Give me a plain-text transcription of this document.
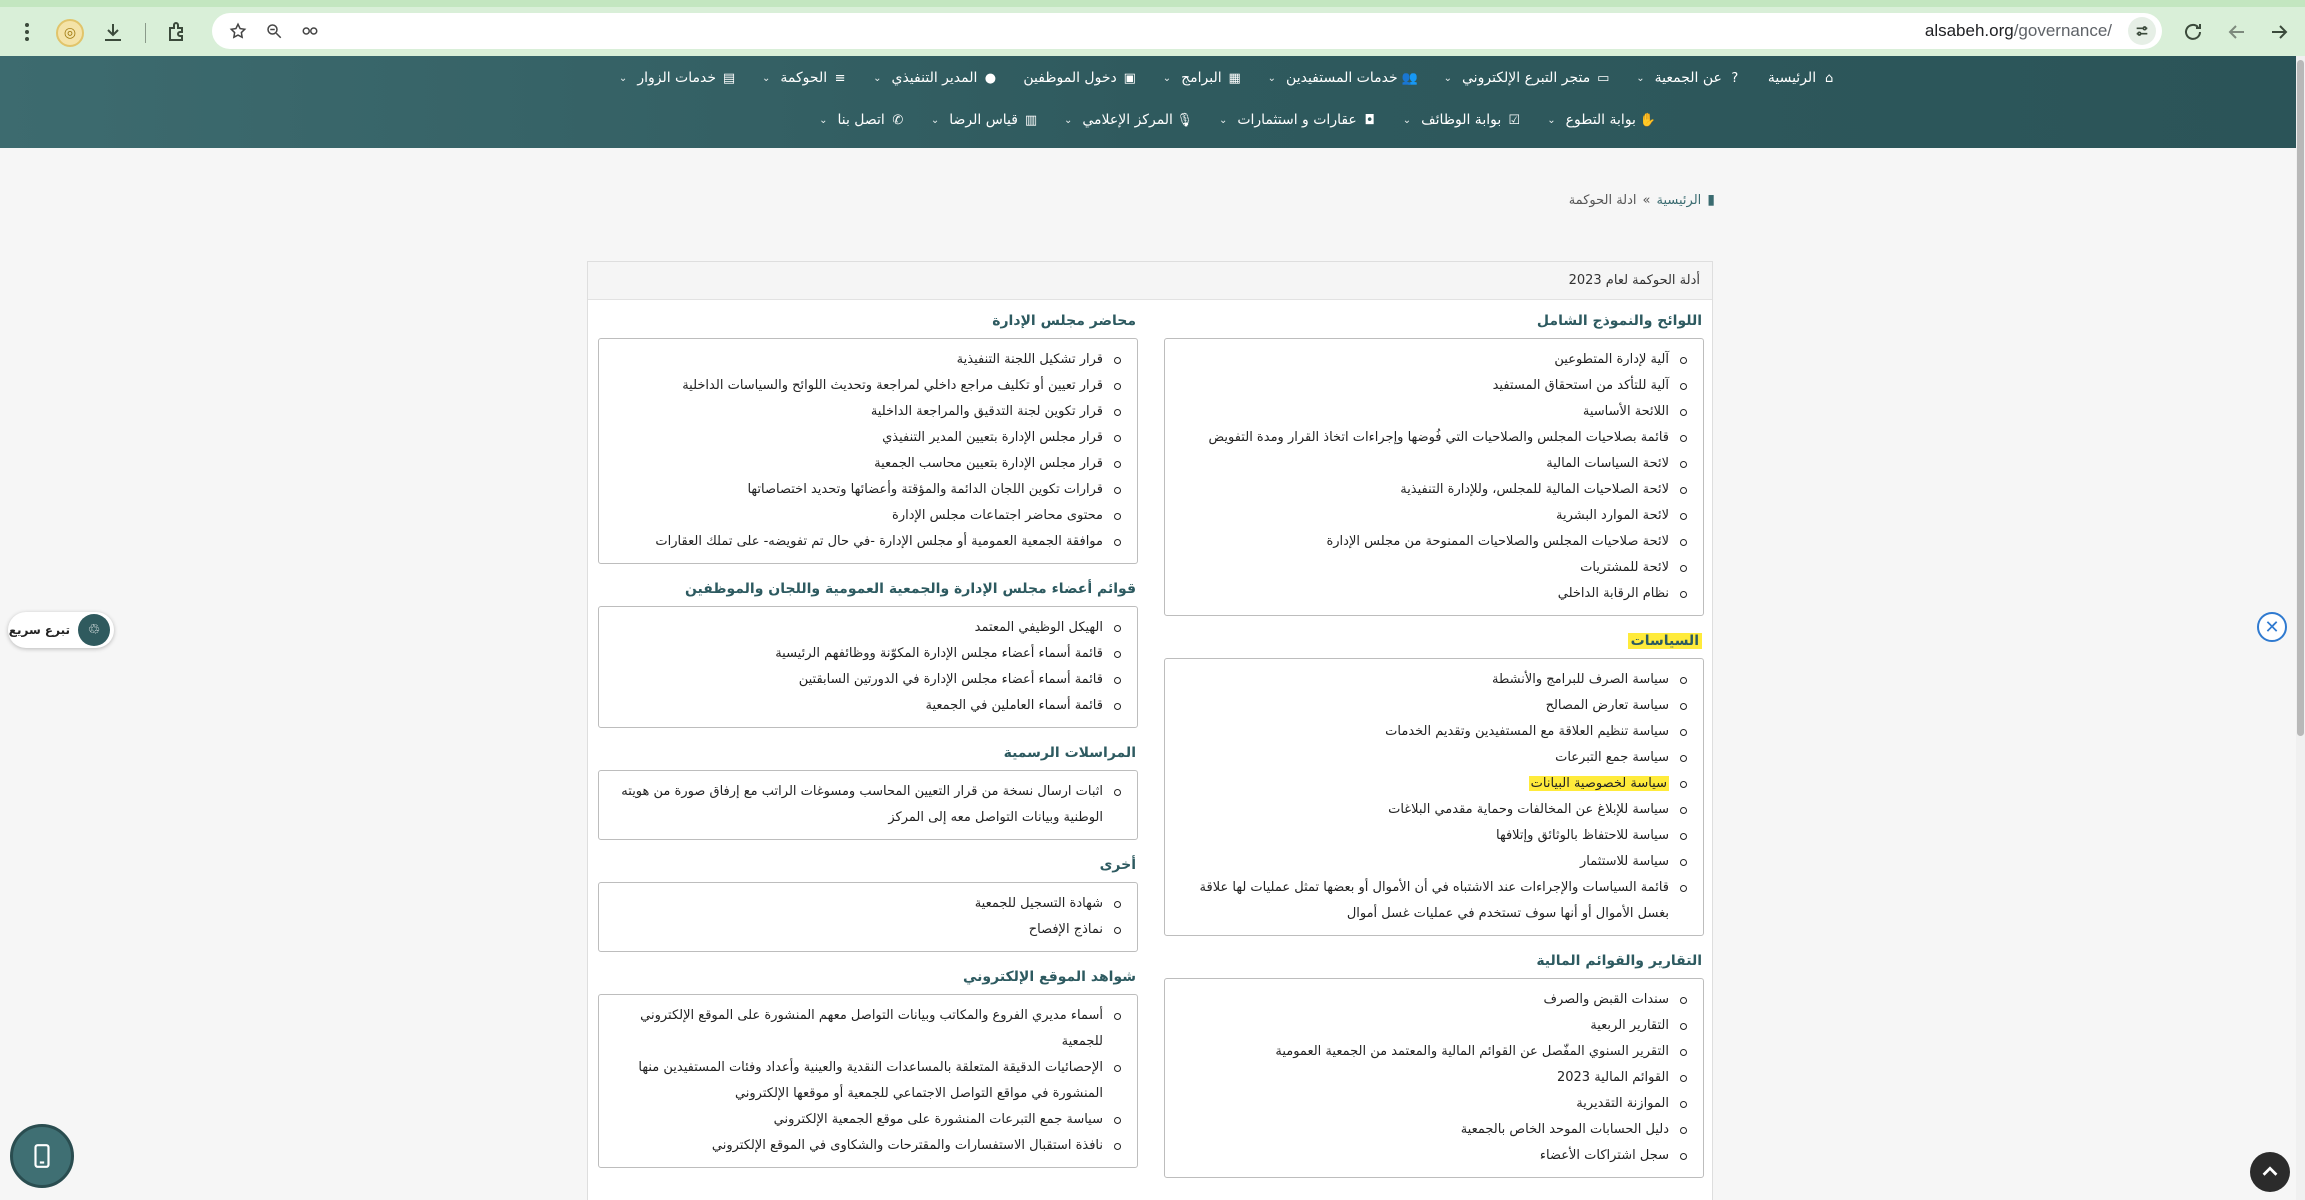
◎	alsabeh.org/governance/
⌂
الرئيسية
?
عن الجمعية
⌄
▭
متجر التبرع الإلكتروني
⌄
👥
خدمات المستفيدين
⌄
▦
البرامج
⌄
▣
دخول الموظفين
●
المدير التنفيذي
⌄
≡
الحوكمة
⌄
▤
خدمات الزوار
⌄
✋
بوابة التطوع
⌄
☑
بوابة الوظائف
⌄
◘
عقارات و استثمارات
⌄
🎙
المركز الإعلامي
⌄
▥
قياس الرضا
⌄
✆
اتصل بنا
⌄
▮
الرئيسية
»
ادلة الحوكمة
أدلة الحوكمة لعام 2023
اللوائح والنموذج الشامل
آلية لإدارة المتطوعين
آلية للتأكد من استحقاق المستفيد
اللائحة الأساسية
قائمة بصلاحيات المجلس والصلاحيات التي فُوضها وإجراءات اتخاذ القرار ومدة التفويض
لائحة السياسات المالية
لائحة الصلاحيات المالية للمجلس، وللإدارة التنفيذية
لائحة الموارد البشرية
لائحة صلاحيات المجلس والصلاحيات الممنوحة من مجلس الإدارة
لائحة للمشتريات
نظام الرقابة الداخلي
السياسات
سياسة الصرف للبرامج والأنشطة
سياسة تعارض المصالح
سياسة تنظيم العلاقة مع المستفيدين وتقديم الخدمات
سياسة جمع التبرعات
سياسة لخصوصية البيانات
سياسة للإبلاغ عن المخالفات وحماية مقدمي البلاغات
سياسة للاحتفاظ بالوثائق وإتلافها
سياسة للاستثمار
قائمة السياسات والإجراءات عند الاشتباه في أن الأموال أو بعضها تمثل عمليات لها علاقة بغسل الأموال أو أنها سوف تستخدم في عمليات غسل أموال
التقارير والقوائم المالية
سندات القبض والصرف
التقارير الربعية
التقرير السنوي المفّصل عن القوائم المالية والمعتمد من الجمعية العمومية
القوائم المالية 2023
الموازنة التقديرية
دليل الحسابات الموحد الخاص بالجمعية
سجل اشتراكات الأعضاء
محاضر مجلس الإدارة
قرار تشكيل اللجنة التنفيذية
قرار تعيين أو تكليف مراجع داخلي لمراجعة وتحديث اللوائح والسياسات الداخلية
قرار تكوين لجنة التدقيق والمراجعة الداخلية
قرار مجلس الإدارة بتعيين المدير التنفيذي
قرار مجلس الإدارة بتعيين محاسب الجمعية
قرارات تكوين اللجان الدائمة والمؤقتة وأعضائها وتحديد اختصاصاتها
محتوى محاضر اجتماعات مجلس الإدارة
موافقة الجمعية العمومية أو مجلس الإدارة -في حال تم تفويضه- على تملك العقارات
قوائم أعضاء مجلس الإدارة والجمعية العمومية واللجان والموظفين
الهيكل الوظيفي المعتمد
قائمة أسماء أعضاء مجلس الإدارة المكوّنة ووظائفهم الرئيسية
قائمة أسماء أعضاء مجلس الإدارة في الدورتين السابقتين
قائمة أسماء العاملين في الجمعية
المراسلات الرسمية
اثبات ارسال نسخة من قرار التعيين المحاسب ومسوغات الراتب مع إرفاق صورة من هويته الوطنية وبيانات التواصل معه إلى المركز
أخرى
شهادة التسجيل للجمعية
نماذج الإفصاح
شواهد الموقع الإلكتروني
أسماء مديري الفروع والمكاتب وبيانات التواصل معهم المنشورة على الموقع الإلكتروني للجمعية
الإحصائيات الدقيقة المتعلقة بالمساعدات النقدية والعينية وأعداد وفئات المستفيدين منها المنشورة في مواقع التواصل الاجتماعي للجمعية أو موقعها الإلكتروني
سياسة جمع التبرعات المنشورة على موقع الجمعية الإلكتروني
نافذة استقبال الاستفسارات والمقترحات والشكاوى في الموقع الإلكتروني
♲
تبرع سريع	✕
